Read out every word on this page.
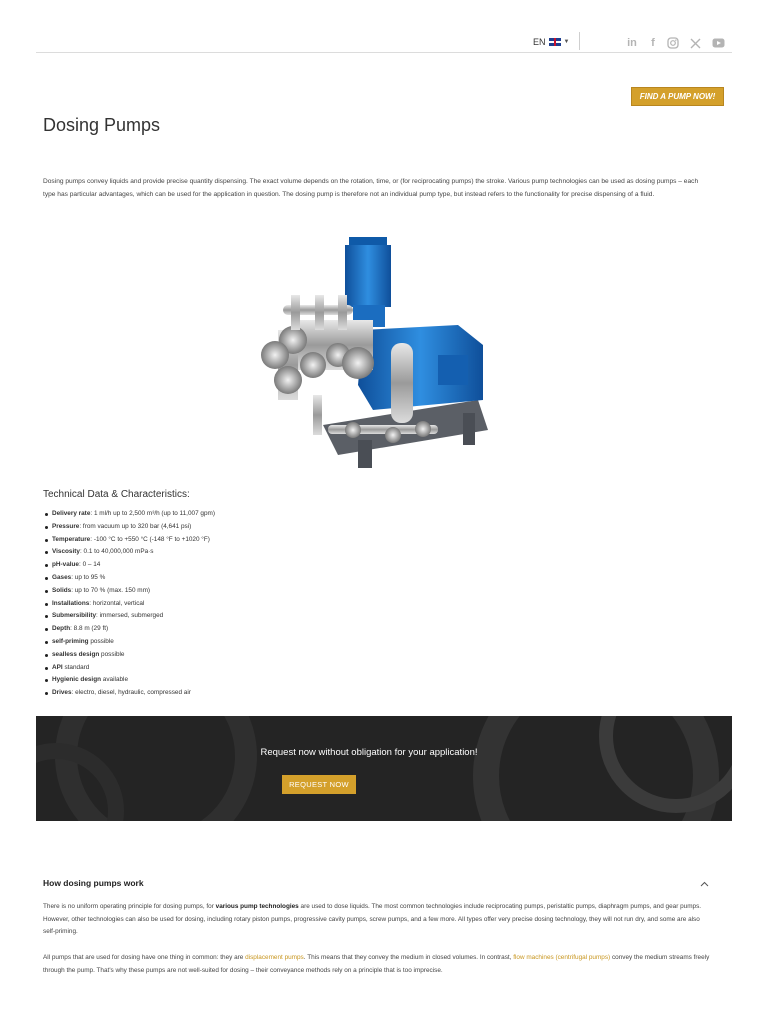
EN	▼	in	f
FIND A PUMP NOW!
Dosing Pumps

Dosing pumps convey liquids and provide precise quantity dispensing. The exact volume depends on the rotation, time, or (for reciprocating pumps) the stroke. Various pump technologies can be used as dosing pumps – each type has particular advantages, which can be used for the application in question. The dosing pump is therefore not an individual pump type, but instead refers to the functionality for precise dispensing of a fluid.

Technical Data & Characteristics:
Delivery rate: 1 ml/h up to 2,500 m³/h (up to 11,007 gpm)
Pressure: from vacuum up to 320 bar (4,641 psi)
Temperature: -100 °C to +550 °C (-148 °F to +1020 °F)
Viscosity: 0.1 to 40,000,000 mPa·s
pH-value: 0 – 14
Gases: up to 95 %
Solids: up to 70 % (max. 150 mm)
Installations: horizontal, vertical
Submersibility: immersed, submerged
Depth: 8.8 m (29 ft)
self-priming possible
sealless design possible
API standard
Hygienic design available
Drives: electro, diesel, hydraulic, compressed air
Request now without obligation for your application!
REQUEST NOW
How dosing pumps work

There is no uniform operating principle for dosing pumps, for various pump technologies are used to dose liquids. The most common technologies include reciprocating pumps, peristaltic pumps, diaphragm pumps, and gear pumps. However, other technologies can also be used for dosing, including rotary piston pumps, progressive cavity pumps, screw pumps, and a few more. All types offer very precise dosing technology, they will not run dry, and some are also self-priming.

All pumps that are used for dosing have one thing in common: they are displacement pumps. This means that they convey the medium in closed volumes. In contrast, flow machines (centrifugal pumps) convey the medium streams freely through the pump. That's why these pumps are not well-suited for dosing – their conveyance methods rely on a principle that is too imprecise.
